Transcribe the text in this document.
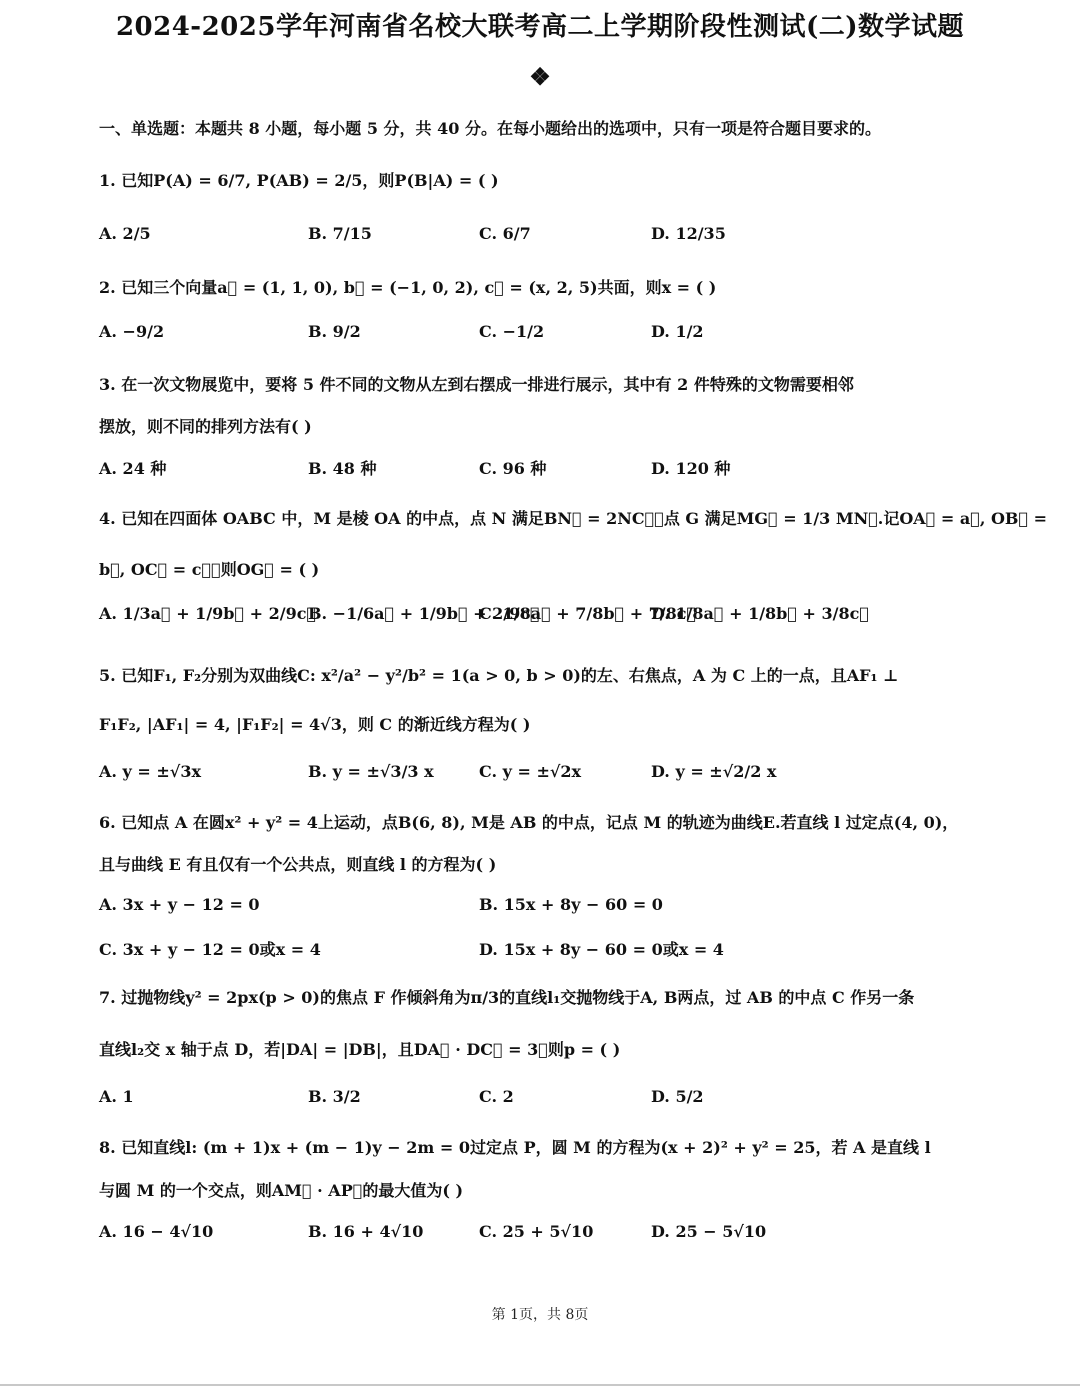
2024-2025学年河南省名校大联考高二上学期阶段性测试(二)数学试题
❖
一、单选题：本题共 8 小题，每小题 5 分，共 40 分。在每小题给出的选项中，只有一项是符合题目要求的。
1. 已知P(A) = 6/7, P(AB) = 2/5，则P(B|A) = ( )
A. 2/5	B. 7/15	C. 6/7	D. 12/35
2. 已知三个向量a⃗ = (1, 1, 0), b⃗ = (−1, 0, 2), c⃗ = (x, 2, 5)共面，则x = ( )
A. −9/2	B. 9/2	C. −1/2	D. 1/2
3. 在一次文物展览中，要将 5 件不同的文物从左到右摆成一排进行展示，其中有 2 件特殊的文物需要相邻
摆放，则不同的排列方法有( )
A. 24 种	B. 48 种	C. 96 种	D. 120 种
4. 已知在四面体 OABC 中，M 是棱 OA 的中点，点 N 满足BN⃗ = 2NC⃗，点 G 满足MG⃗ = 1/3 MN⃗.记OA⃗ = a⃗, OB⃗ =
b⃗, OC⃗ = c⃗，则OG⃗ = ( )
A. 1/3a⃗ + 1/9b⃗ + 2/9c⃗
B. −1/6a⃗ + 1/9b⃗ + 2/9c⃗
C. 1/8a⃗ + 7/8b⃗ + 7/8c⃗
D. 1/8a⃗ + 1/8b⃗ + 3/8c⃗
5. 已知F₁, F₂分别为双曲线C: x²/a² − y²/b² = 1(a > 0, b > 0)的左、右焦点，A 为 C 上的一点，且AF₁ ⊥
F₁F₂, |AF₁| = 4, |F₁F₂| = 4√3，则 C 的渐近线方程为( )
A. y = ±√3x	B. y = ±√3/3 x	C. y = ±√2x	D. y = ±√2/2 x
6. 已知点 A 在圆x² + y² = 4上运动，点B(6, 8), M是 AB 的中点，记点 M 的轨迹为曲线E.若直线 l 过定点(4, 0)，
且与曲线 E 有且仅有一个公共点，则直线 l 的方程为( )
A. 3x + y − 12 = 0	B. 15x + 8y − 60 = 0
C. 3x + y − 12 = 0或x = 4	D. 15x + 8y − 60 = 0或x = 4
7. 过抛物线y² = 2px(p > 0)的焦点 F 作倾斜角为π/3的直线l₁交抛物线于A, B两点，过 AB 的中点 C 作另一条
直线l₂交 x 轴于点 D，若|DA| = |DB|，且DA⃗ · DC⃗ = 3，则p = ( )
A. 1	B. 3/2	C. 2	D. 5/2
8. 已知直线l: (m + 1)x + (m − 1)y − 2m = 0过定点 P，圆 M 的方程为(x + 2)² + y² = 25，若 A 是直线 l
与圆 M 的一个交点，则AM⃗ · AP⃗的最大值为( )
A. 16 − 4√10	B. 16 + 4√10	C. 25 + 5√10	D. 25 − 5√10
第 1页，共 8页
